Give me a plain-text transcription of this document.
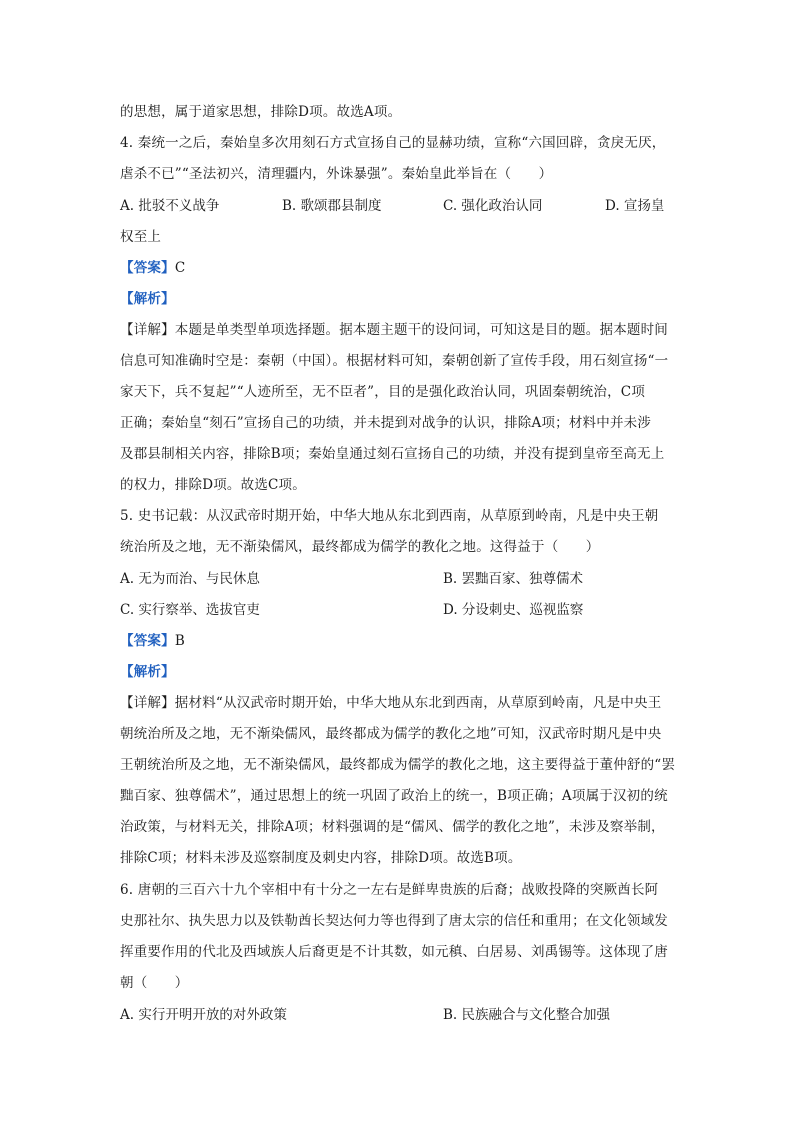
的思想，属于道家思想，排除D项。故选A项。
4. 秦统一之后，秦始皇多次用刻石方式宣扬自己的显赫功绩，宣称“六国回辟，贪戾无厌，
虐杀不已”“圣法初兴，清理疆内，外诛暴强”。秦始皇此举旨在（　　）
A. 批驳不义战争	B. 歌颂郡县制度	C. 强化政治认同	D. 宣扬皇
权至上
【答案】C
【解析】
【详解】本题是单类型单项选择题。据本题主题干的设问词，可知这是目的题。据本题时间
信息可知准确时空是：秦朝（中国）。根据材料可知，秦朝创新了宣传手段，用石刻宣扬“一
家天下，兵不复起”“人迹所至，无不臣者”，目的是强化政治认同，巩固秦朝统治，C项
正确；秦始皇“刻石”宣扬自己的功绩，并未提到对战争的认识，排除A项；材料中并未涉
及郡县制相关内容，排除B项；秦始皇通过刻石宣扬自己的功绩，并没有提到皇帝至高无上
的权力，排除D项。故选C项。
5. 史书记载：从汉武帝时期开始，中华大地从东北到西南，从草原到岭南，凡是中央王朝
统治所及之地，无不渐染儒风，最终都成为儒学的教化之地。这得益于（　　）
A. 无为而治、与民休息	B. 罢黜百家、独尊儒术
C. 实行察举、选拔官吏	D. 分设刺史、巡视监察
【答案】B
【解析】
【详解】据材料“从汉武帝时期开始，中华大地从东北到西南，从草原到岭南，凡是中央王
朝统治所及之地，无不渐染儒风，最终都成为儒学的教化之地”可知，汉武帝时期凡是中央
王朝统治所及之地，无不渐染儒风，最终都成为儒学的教化之地，这主要得益于董仲舒的“罢
黜百家、独尊儒术”，通过思想上的统一巩固了政治上的统一，B项正确；A项属于汉初的统
治政策，与材料无关，排除A项；材料强调的是“儒风、儒学的教化之地”，未涉及察举制，
排除C项；材料未涉及巡察制度及刺史内容，排除D项。故选B项。
6. 唐朝的三百六十九个宰相中有十分之一左右是鲜卑贵族的后裔；战败投降的突厥酋长阿
史那社尔、执失思力以及铁勒酋长契达何力等也得到了唐太宗的信任和重用；在文化领域发
挥重要作用的代北及西域族人后裔更是不计其数，如元稹、白居易、刘禹锡等。这体现了唐
朝（　　）
A. 实行开明开放的对外政策	B. 民族融合与文化整合加强
